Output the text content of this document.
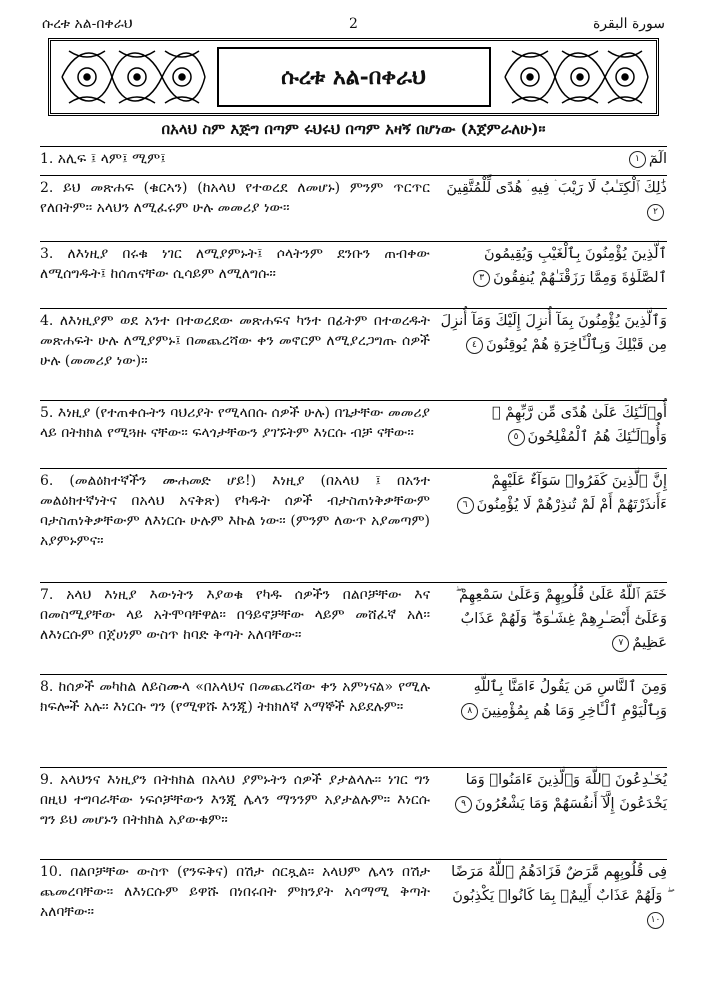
ሱረቱ አል-በቀራህ	2	سورة البقرة
ሱረቱ አል-በቀራህ
በአላህ ስም እጅግ በጣም ሩህሩህ በጣም አዛኝ በሆነው (እጀምራለሁ)።
1. አሊፍ ፤ ላም፤ ሚም፤	الٓمٓ١
2. ይህ መጽሐፍ (ቁርኣን) (ከአላህ የተወረደ ለመሆኑ) ምንም ጥርጥር የለበትም፡፡ አላህን ለሚፈሩም ሁሉ መመሪያ ነው፡፡
ذَٰلِكَ ٱلْكِتَـٰبُ لَا رَيْبَ ۛ فِيهِ ۛ هُدًى لِّلْمُتَّقِينَ٢
3. ለእነዚያ በሩቁ ነገር ለሚያምኑት፤ ሶላትንም ደንቡን ጠብቀው ለሚሰግዱት፤ ከሰጠናቸው ሲሳይም ለሚለግሱ።
ٱلَّذِينَ يُؤْمِنُونَ بِٱلْغَيْبِ وَيُقِيمُونَ ٱلصَّلَوٰةَ وَمِمَّا رَزَقْنَـٰهُمْ يُنفِقُونَ٣
4. ለእነዚያም ወደ አንተ በተወረደው መጽሐፍና ካንተ በፊትም በተወረዱት መጽሐፍት ሁሉ ለሚያምኑ፤ በመጨረሻው ቀን መኖርም ለሚያረጋግጡ ሰዎች ሁሉ (መመሪያ ነው)።
وَٱلَّذِينَ يُؤْمِنُونَ بِمَآ أُنزِلَ إِلَيْكَ وَمَآ أُنزِلَ مِن قَبْلِكَ وَبِٱلْـَٔاخِرَةِ هُمْ يُوقِنُونَ٤
5. እነዚያ (የተጠቀሱትን ባህሪያት የሚላበሱ ሰዎች ሁሉ) በጌታቸው መመሪያ ላይ በትክክል የሚጓዙ ናቸው፡፡ ፍላጎታቸውን ያገኙትም እነርሱ ብቻ ናቸው።
أُو۟لَـٰٓئِكَ عَلَىٰ هُدًى مِّن رَّبِّهِمْ ۖ وَأُو۟لَـٰٓئِكَ هُمُ ٱلْمُفْلِحُونَ٥
6. (መልዕክተኛችን ሙሐመድ ሆይ!) እነዚያ (በአላህ ፤ በአንተ መልዕክተኛነትና በአላህ አናቅጽ) የካዱት ሰዎች ብታስጠነቅቃቸውም ባታስጠነቅቃቸውም ለእነርሱ ሁሉም እኩል ነው፡፡ (ምንም ለውጥ አያመጣም) አያምኑምና።
إِنَّ ٱلَّذِينَ كَفَرُوا۟ سَوَآءٌ عَلَيْهِمْ ءَأَنذَرْتَهُمْ أَمْ لَمْ تُنذِرْهُمْ لَا يُؤْمِنُونَ٦
7. አላህ እነዚያ እውነትን እያወቁ የካዱ ሰዎችን በልቦቻቸው እና በመስሚያቸው ላይ አትሞባቸዋል፡፡ በዓይኖቻቸው ላይም መሸፈኛ አለ፡፡ ለእነርሱም በጀሀነም ውስጥ ከባድ ቅጣት አለባቸው።
خَتَمَ ٱللَّهُ عَلَىٰ قُلُوبِهِمْ وَعَلَىٰ سَمْعِهِمْ ۖ وَعَلَىٰٓ أَبْصَـٰرِهِمْ غِشَـٰوَةٌ ۖ وَلَهُمْ عَذَابٌ عَظِيمٌ٧
8. ከሰዎች መካከል ለይስሙላ «በአላህና በመጨረሻው ቀን አምነናል» የሚሉ ክፍሎች አሉ፡፡ እነርሱ ግን (የሚዋሹ እንጂ) ትክክለኛ አማኞች አይደሉም።
وَمِنَ ٱلنَّاسِ مَن يَقُولُ ءَامَنَّا بِٱللَّهِ وَبِٱلْيَوْمِ ٱلْـَٔاخِرِ وَمَا هُم بِمُؤْمِنِينَ٨
9. አላህንና እነዚያን በትክክል በአላህ ያምኑትን ሰዎች ያታልላሉ፡፡ ነገር ግን በዚህ ተግባራቸው ነፍሶቻቸውን እንጂ ሌላን ማንንም አያታልሉም። እነርሱ ግን ይህ መሆኑን በትክክል አያውቁም።
يُخَـٰدِعُونَ ٱللَّهَ وَٱلَّذِينَ ءَامَنُوا۟ وَمَا يَخْدَعُونَ إِلَّآ أَنفُسَهُمْ وَمَا يَشْعُرُونَ٩
10. በልቦቻቸው ውስጥ (የንፍቅና) በሽታ ሰርጿል። አላህም ሌላን በሽታ ጨመረባቸው፡፡ ለእነርሱም ይዋሹ በነበሩበት ምክንያት አሳማሚ ቅጣት አለባቸው።
فِى قُلُوبِهِم مَّرَضٌ فَزَادَهُمُ ٱللَّهُ مَرَضًا ۖ وَلَهُمْ عَذَابٌ أَلِيمٌۢ بِمَا كَانُوا۟ يَكْذِبُونَ١٠
